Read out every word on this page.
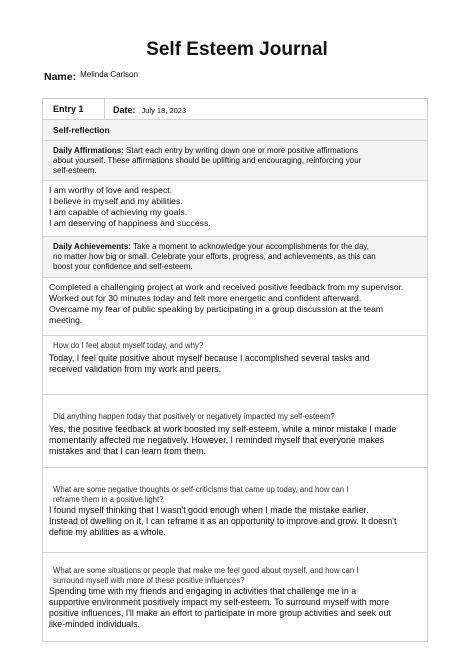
Self Esteem Journal
Name: Melinda Carlson
Entry 1	Date: July 18, 2023
Self-reflection
Daily Affirmations: Start each entry by writing down one or more positive affirmations
about yourself. These affirmations should be uplifting and encouraging, reinforcing your
self-esteem.
I am worthy of love and respect.
I believe in myself and my abilities.
I am capable of achieving my goals.
I am deserving of happiness and success.
Daily Achievements: Take a moment to acknowledge your accomplishments for the day,
no matter how big or small. Celebrate your efforts, progress, and achievements, as this can
boost your confidence and self-esteem.
Completed a challenging project at work and received positive feedback from my supervisor.
Worked out for 30 minutes today and felt more energetic and confident afterward.
Overcame my fear of public speaking by participating in a group discussion at the team
meeting.
How do I feel about myself today, and why?
Today, I feel quite positive about myself because I accomplished several tasks and
received validation from my work and peers.
Did anything happen today that positively or negatively impacted my self-esteem?
Yes, the positive feedback at work boosted my self-esteem, while a minor mistake I made
momentarily affected me negatively. However, I reminded myself that everyone makes
mistakes and that I can learn from them.
What are some negative thoughts or self-criticisms that came up today, and how can I
reframe them in a positive light?
I found myself thinking that I wasn't good enough when I made the mistake earlier.
Instead of dwelling on it, I can reframe it as an opportunity to improve and grow. It doesn't
define my abilities as a whole.
What are some situations or people that make me feel good about myself, and how can I
surround myself with more of these positive influences?
Spending time with my friends and engaging in activities that challenge me in a
supportive environment positively impact my self-esteem. To surround myself with more
positive influences, I'll make an effort to participate in more group activities and seek out
like-minded individuals.
